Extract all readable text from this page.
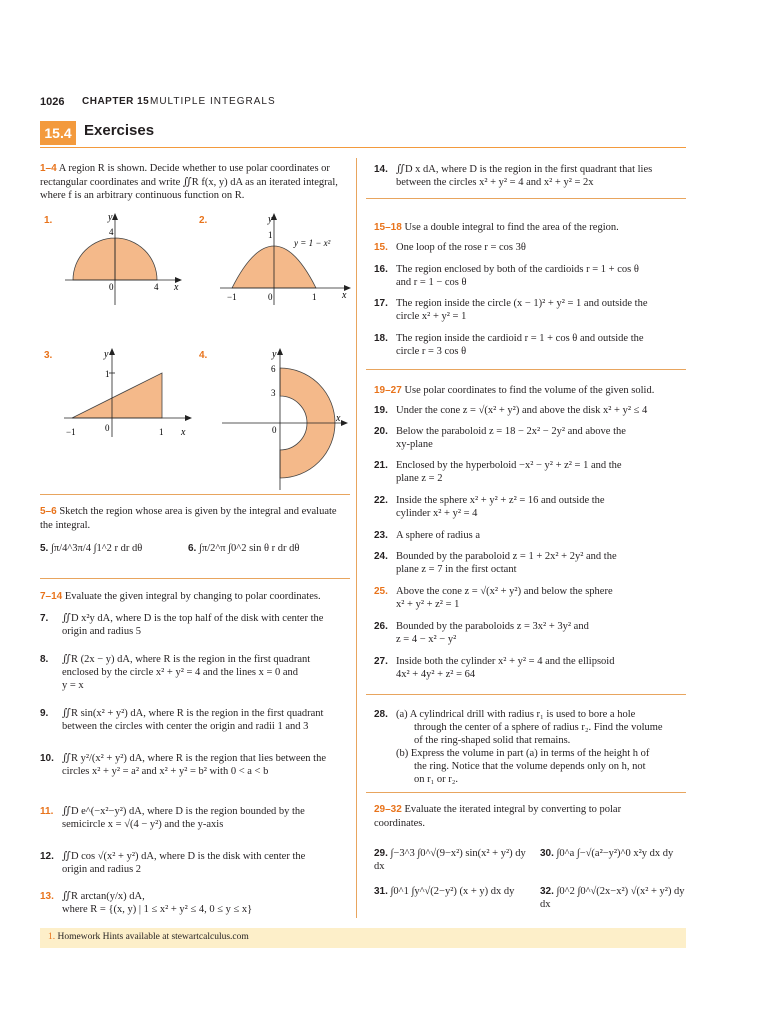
1026 CHAPTER 15 MULTIPLE INTEGRALS
15.4 Exercises
1–4 A region R is shown. Decide whether to use polar coordinates or rectangular coordinates and write ∬R f(x, y) dA as an iterated integral, where f is an arbitrary continuous function on R.
1.	y
x
4
4
0
2.	y
x
1
y = 1 − x²
−1	1
0
3.	y
x
1
−1	1
0
4.	y
x
6
3
0
5–6 Sketch the region whose area is given by the integral and evaluate the integral.
5. ∫π/4^3π/4 ∫1^2 r dr dθ	6. ∫π/2^π ∫0^2 sin θ r dr dθ
7–14 Evaluate the given integral by changing to polar coordinates.
7. ∬D x²y dA, where D is the top half of the disk with center the
origin and radius 5
8. ∬R (2x − y) dA, where R is the region in the first quadrant
enclosed by the circle x² + y² = 4 and the lines x = 0 and
y = x
9. ∬R sin(x² + y²) dA, where R is the region in the first quadrant
between the circles with center the origin and radii 1 and 3
10. ∬R y²/(x² + y²) dA, where R is the region that lies between the
circles x² + y² = a² and x² + y² = b² with 0 < a < b
11. ∬D e^(−x²−y²) dA, where D is the region bounded by the
semicircle x = √(4 − y²) and the y-axis
12. ∬D cos √(x² + y²) dA, where D is the disk with center the
origin and radius 2
13. ∬R arctan(y/x) dA,
where R = {(x, y) | 1 ≤ x² + y² ≤ 4, 0 ≤ y ≤ x}
14. ∬D x dA, where D is the region in the first quadrant that lies
between the circles x² + y² = 4 and x² + y² = 2x
15–18 Use a double integral to find the area of the region.
15. One loop of the rose r = cos 3θ
16. The region enclosed by both of the cardioids r = 1 + cos θ
and r = 1 − cos θ
17. The region inside the circle (x − 1)² + y² = 1 and outside the
circle x² + y² = 1
18. The region inside the cardioid r = 1 + cos θ and outside the
circle r = 3 cos θ
19–27 Use polar coordinates to find the volume of the given solid.
19. Under the cone z = √(x² + y²) and above the disk x² + y² ≤ 4
20. Below the paraboloid z = 18 − 2x² − 2y² and above the
xy-plane
21. Enclosed by the hyperboloid −x² − y² + z² = 1 and the
plane z = 2
22. Inside the sphere x² + y² + z² = 16 and outside the
cylinder x² + y² = 4
23. A sphere of radius a
24. Bounded by the paraboloid z = 1 + 2x² + 2y² and the
plane z = 7 in the first octant
25. Above the cone z = √(x² + y²) and below the sphere
x² + y² + z² = 1
26. Bounded by the paraboloids z = 3x² + 3y² and
z = 4 − x² − y²
27. Inside both the cylinder x² + y² = 4 and the ellipsoid
4x² + 4y² + z² = 64
28. (a) A cylindrical drill with radius r₁ is used to bore a hole
through the center of a sphere of radius r₂. Find the volume
of the ring-shaped solid that remains.
(b) Express the volume in part (a) in terms of the height h of
the ring. Notice that the volume depends only on h, not
on r₁ or r₂.
29–32 Evaluate the iterated integral by converting to polar coordinates.
29. ∫−3^3 ∫0^√(9−x²) sin(x² + y²) dy dx
30. ∫0^a ∫−√(a²−y²)^0 x²y dx dy
31. ∫0^1 ∫y^√(2−y²) (x + y) dx dy	32. ∫0^2 ∫0^√(2x−x²) √(x² + y²) dy dx
1. Homework Hints available at stewartcalculus.com
